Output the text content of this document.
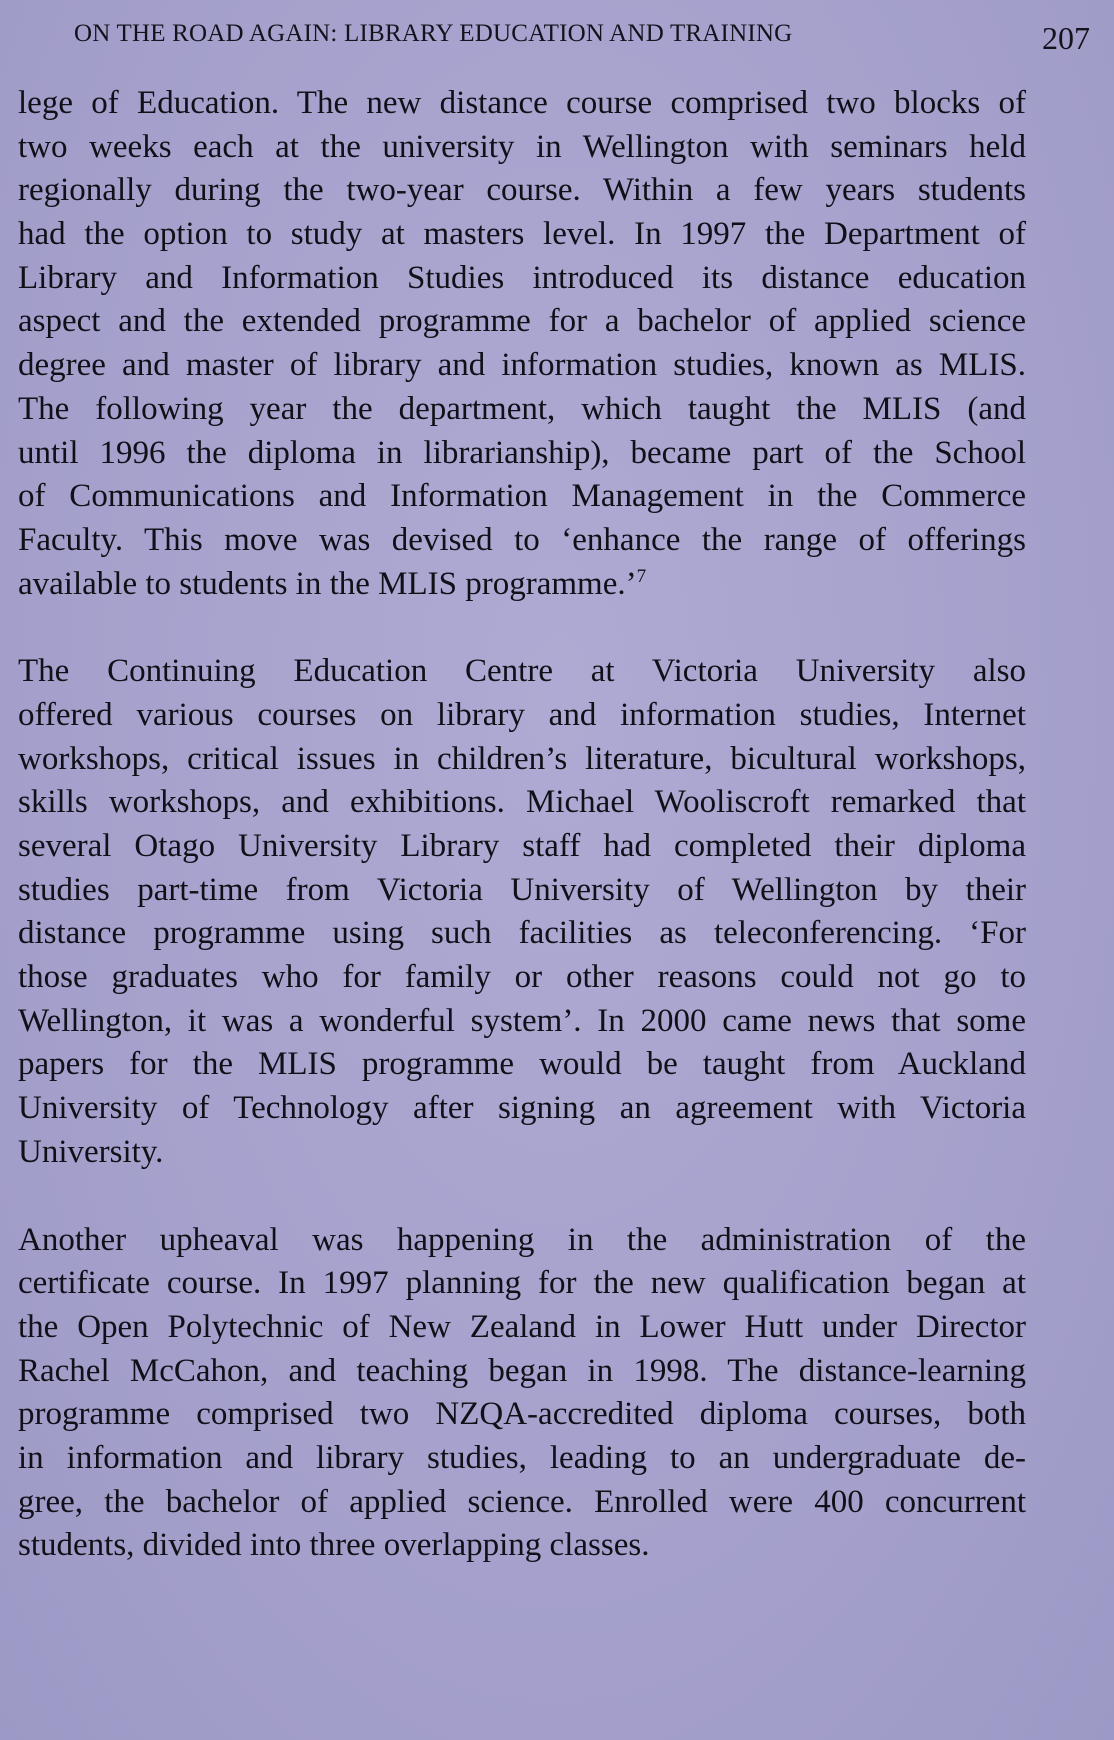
ON THE ROAD AGAIN: LIBRARY EDUCATION AND TRAINING	207

lege of Education. The new distance course comprised two blocks of
two weeks each at the university in Wellington with seminars held
regionally during the two-year course. Within a few years students
had the option to study at masters level. In 1997 the Department of
Library and Information Studies introduced its distance education
aspect and the extended programme for a bachelor of applied science
degree and master of library and information studies, known as MLIS.
The following year the department, which taught the MLIS (and
until 1996 the diploma in librarianship), became part of the School
of Communications and Information Management in the Commerce
Faculty. This move was devised to ‘enhance the range of offerings
available to students in the MLIS programme.’$^7$

The Continuing Education Centre at Victoria University also
offered various courses on library and information studies, Internet
workshops, critical issues in children’s literature, bicultural workshops,
skills workshops, and exhibitions. Michael Wooliscroft remarked that
several Otago University Library staff had completed their diploma
studies part-time from Victoria University of Wellington by their
distance programme using such facilities as teleconferencing. ‘For
those graduates who for family or other reasons could not go to
Wellington, it was a wonderful system’. In 2000 came news that some
papers for the MLIS programme would be taught from Auckland
University of Technology after signing an agreement with Victoria
University.

Another upheaval was happening in the administration of the
certificate course. In 1997 planning for the new qualification began at
the Open Polytechnic of New Zealand in Lower Hutt under Director
Rachel McCahon, and teaching began in 1998. The distance-learning
programme comprised two NZQA-accredited diploma courses, both
in information and library studies, leading to an undergraduate de-
gree, the bachelor of applied science. Enrolled were 400 concurrent
students, divided into three overlapping classes.
